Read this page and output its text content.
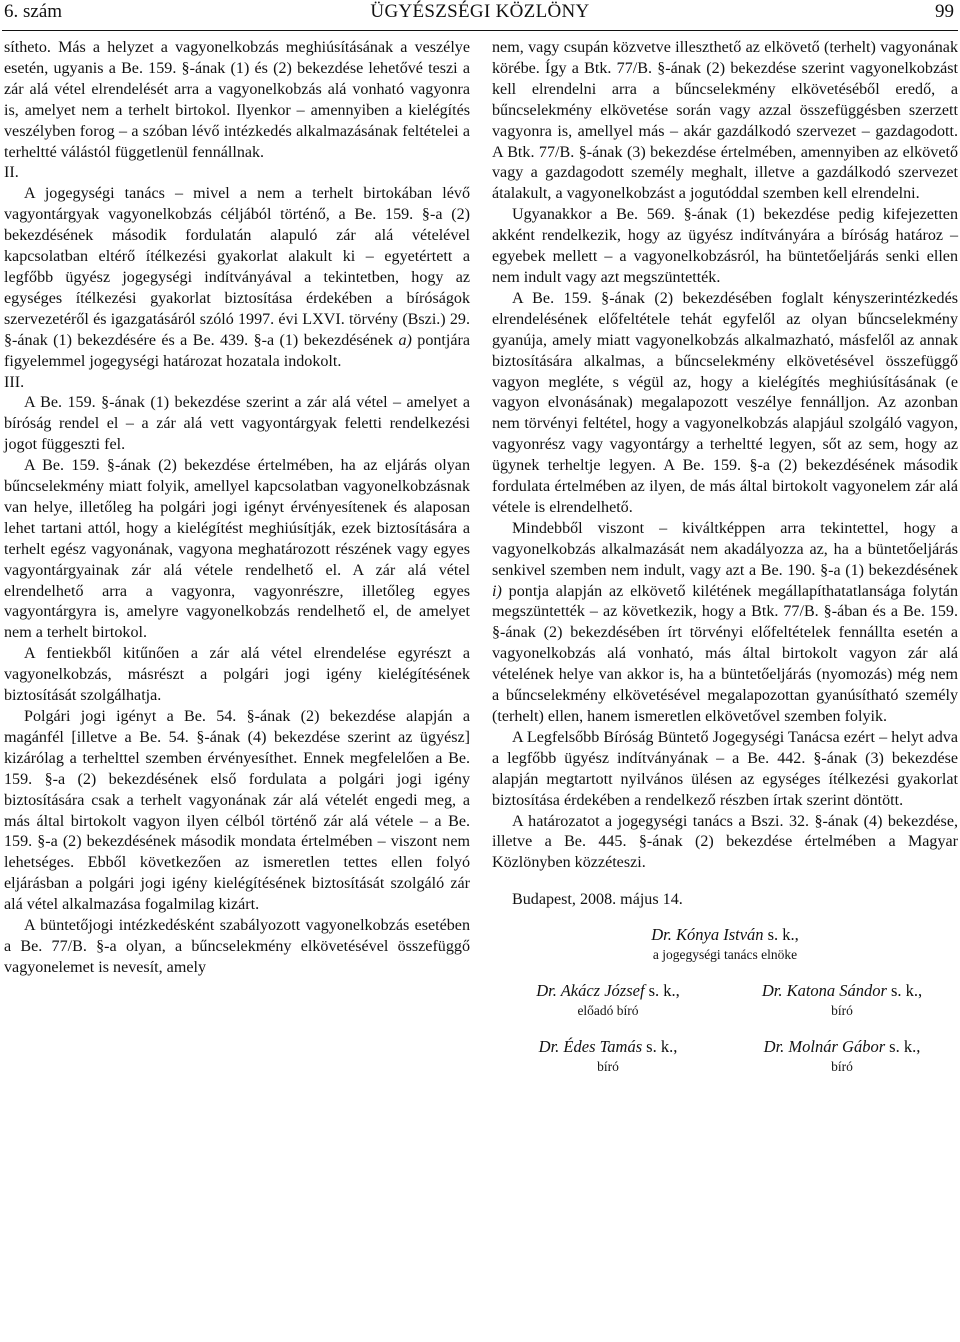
6. szám	ÜGYÉSZSÉGI KÖZLÖNY	99

sítheto. Más a helyzet a vagyonelkobzás meghiúsításának a veszélye esetén, ugyanis a Be. 159. §-ának (1) és (2) bekezdése lehetővé teszi a zár alá vétel elrendelését arra a vagyonelkobzás alá vonható vagyonra is, amelyet nem a terhelt birtokol. Ilyenkor – amennyiben a kielégítés veszélyben forog – a szóban lévő intézkedés alkalmazásának feltételei a terheltté válástól függetlenül fennállnak.

II.

A jogegységi tanács – mivel a nem a terhelt birtokában lévő vagyontárgyak vagyonelkobzás céljából történő, a Be. 159. §-a (2) bekezdésének második fordulatán alapuló zár alá vételével kapcsolatban eltérő ítélkezési gyakorlat alakult ki – egyetértett a legfőbb ügyész jogegységi indítványával a tekintetben, hogy az egységes ítélkezési gyakorlat biztosítása érdekében a bíróságok szervezetéről és igazgatásáról szóló 1997. évi LXVI. törvény (Bszi.) 29. §-ának (1) bekezdésére és a Be. 439. §-a (1) bekezdésének a) pontjára figyelemmel jogegységi határozat hozatala indokolt.

III.

A Be. 159. §-ának (1) bekezdése szerint a zár alá vétel – amelyet a bíróság rendel el – a zár alá vett vagyontárgyak feletti rendelkezési jogot függeszti fel.

A Be. 159. §-ának (2) bekezdése értelmében, ha az eljárás olyan bűncselekmény miatt folyik, amellyel kapcsolatban vagyonelkobzásnak van helye, illetőleg ha polgári jogi igényt érvényesítenek és alaposan lehet tartani attól, hogy a kielégítést meghiúsítják, ezek biztosítására a terhelt egész vagyonának, vagyona meghatározott részének vagy egyes vagyontárgyainak zár alá vétele rendelhető el. A zár alá vétel elrendelhető arra a vagyonra, vagyonrészre, illetőleg egyes vagyontárgyra is, amelyre vagyonelkobzás rendelhető el, de amelyet nem a terhelt birtokol.

A fentiekből kitűnően a zár alá vétel elrendelése egyrészt a vagyonelkobzás, másrészt a polgári jogi igény kielégítésének biztosítását szolgálhatja.

Polgári jogi igényt a Be. 54. §-ának (2) bekezdése alapján a magánfél [illetve a Be. 54. §-ának (4) bekezdése szerint az ügyész] kizárólag a terhelttel szemben érvényesíthet. Ennek megfelelően a Be. 159. §-a (2) bekezdésének első fordulata a polgári jogi igény biztosítására csak a terhelt vagyonának zár alá vételét engedi meg, a más által birtokolt vagyon ilyen célból történő zár alá vétele – a Be. 159. §-a (2) bekezdésének második mondata értelmében – viszont nem lehetséges. Ebből következően az ismeretlen tettes ellen folyó eljárásban a polgári jogi igény kielégítésének biztosítását szolgáló zár alá vétel alkalmazása fogalmilag kizárt.

A büntetőjogi intézkedésként szabályozott vagyonelkobzás esetében a Be. 77/B. §-a olyan, a bűncselekmény elkövetésével összefüggő vagyonelemet is nevesít, amely

nem, vagy csupán közvetve illeszthető az elkövető (terhelt) vagyonának körébe. Így a Btk. 77/B. §-ának (2) bekezdése szerint vagyonelkobzást kell elrendelni arra a bűncselekmény elkövetéséből eredő, a bűncselekmény elkövetése során vagy azzal összefüggésben szerzett vagyonra is, amellyel más – akár gazdálkodó szervezet – gazdagodott. A Btk. 77/B. §-ának (3) bekezdése értelmében, amennyiben az elkövető vagy a gazdagodott személy meghalt, illetve a gazdálkodó szervezet átalakult, a vagyonelkobzást a jogutóddal szemben kell elrendelni.

Ugyanakkor a Be. 569. §-ának (1) bekezdése pedig kifejezetten akként rendelkezik, hogy az ügyész indítványára a bíróság határoz – egyebek mellett – a vagyonelkobzásról, ha büntetőeljárás senki ellen nem indult vagy azt megszüntették.

A Be. 159. §-ának (2) bekezdésében foglalt kényszerintézkedés elrendelésének előfeltétele tehát egyfelől az olyan bűncselekmény gyanúja, amely miatt vagyonelkobzás alkalmazható, másfelől az annak biztosítására alkalmas, a bűncselekmény elkövetésével összefüggő vagyon megléte, s végül az, hogy a kielégítés meghiúsításának (e vagyon elvonásának) megalapozott veszélye fennálljon. Az azonban nem törvényi feltétel, hogy a vagyonelkobzás alapjául szolgáló vagyon, vagyonrész vagy vagyontárgy a terheltté legyen, sőt az sem, hogy az ügynek terheltje legyen. A Be. 159. §-a (2) bekezdésének második fordulata értelmében az ilyen, de más által birtokolt vagyonelem zár alá vétele is elrendelhető.

Mindebből viszont – kiváltképpen arra tekintettel, hogy a vagyonelkobzás alkalmazását nem akadályozza az, ha a büntetőeljárás senkivel szemben nem indult, vagy azt a Be. 190. §-a (1) bekezdésének i) pontja alapján az elkövető kilétének megállapíthatatlansága folytán megszüntették – az következik, hogy a Btk. 77/B. §-ában és a Be. 159. §-ának (2) bekezdésében írt törvényi előfeltételek fennállta esetén a vagyonelkobzás alá vonható, más által birtokolt vagyon zár alá vételének helye van akkor is, ha a büntetőeljárás (nyomozás) még nem a bűncselekmény elkövetésével megalapozottan gyanúsítható személy (terhelt) ellen, hanem ismeretlen elkövetővel szemben folyik.

A Legfelsőbb Bíróság Büntető Jogegységi Tanácsa ezért – helyt adva a legfőbb ügyész indítványának – a Be. 442. §-ának (3) bekezdése alapján megtartott nyilvános ülésen az egységes ítélkezési gyakorlat biztosítása érdekében a rendelkező részben írtak szerint döntött.

A határozatot a jogegységi tanács a Bszi. 32. §-ának (4) bekezdése, illetve a Be. 445. §-ának (2) bekezdése értelmében a Magyar Közlönyben közzéteszi.

Budapest, 2008. május 14.

Dr. Kónya István s. k.,
a jogegységi tanács elnöke
Dr. Akácz József s. k.,
előadó bíró
Dr. Katona Sándor s. k.,
bíró
Dr. Édes Tamás s. k.,
bíró
Dr. Molnár Gábor s. k.,
bíró
